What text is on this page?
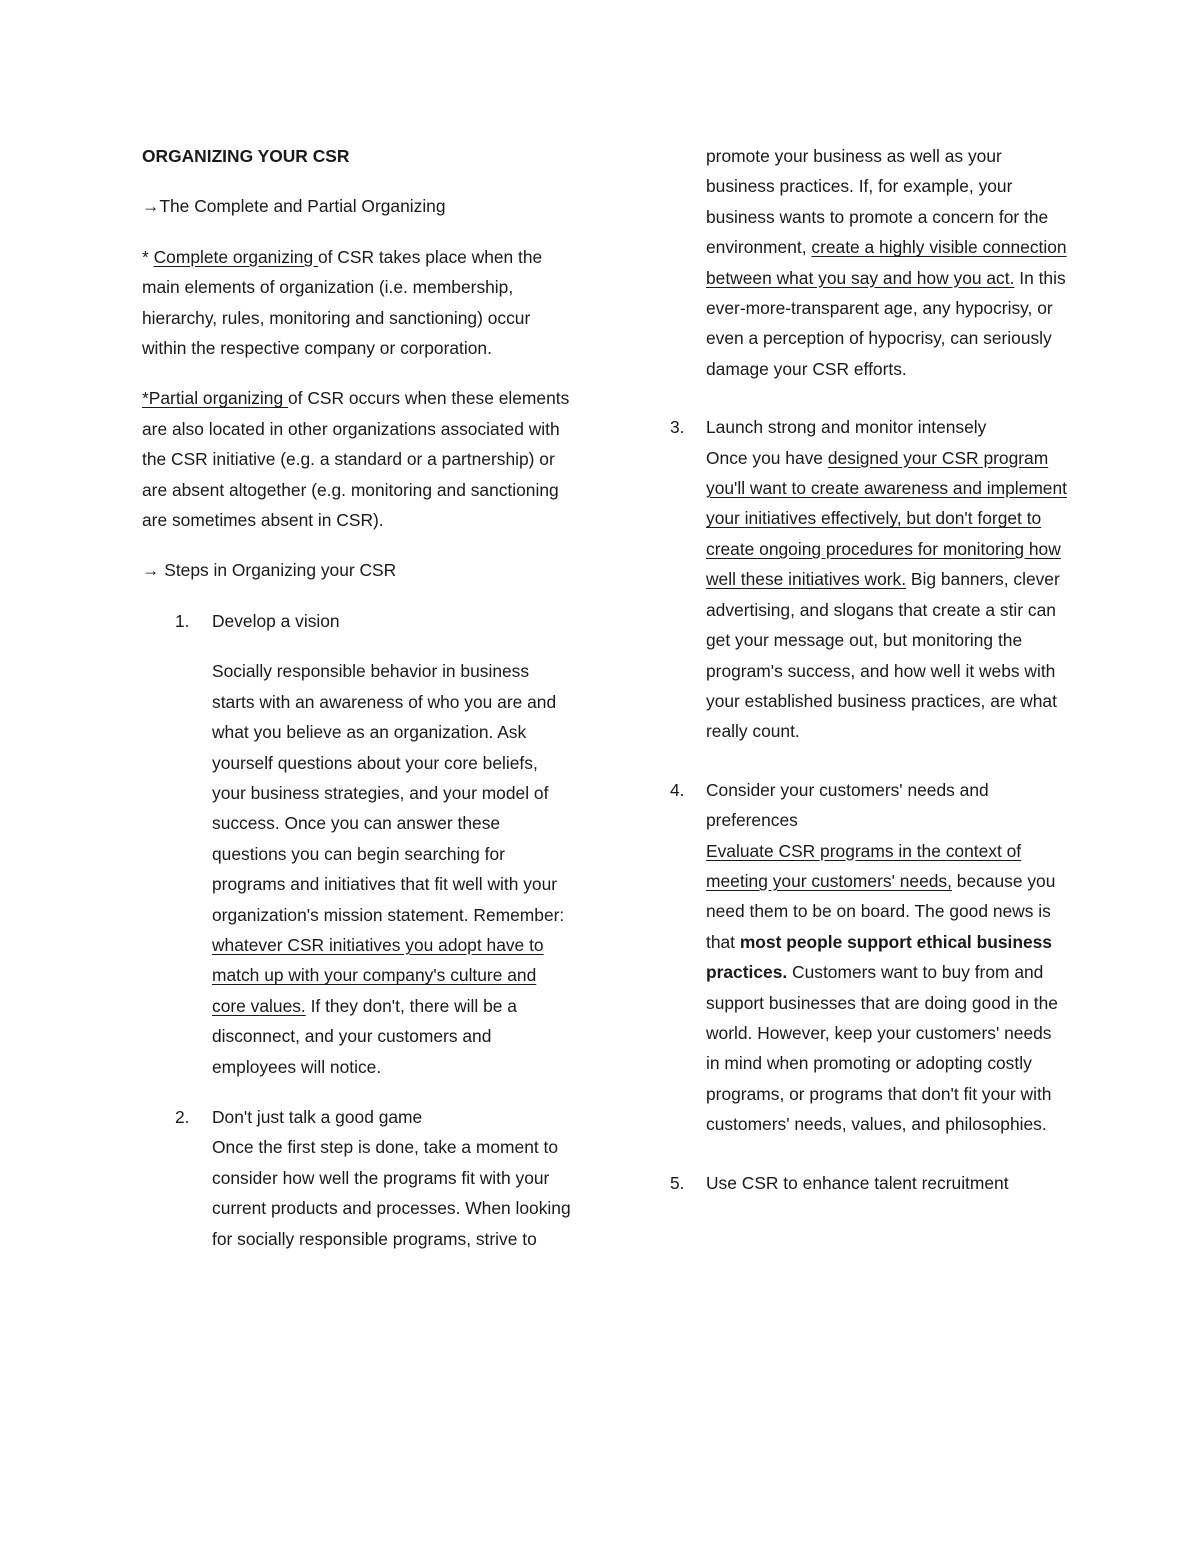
ORGANIZING YOUR CSR

→The Complete and Partial Organizing

* Complete organizing of CSR takes place when the main elements of organization (i.e. membership, hierarchy, rules, monitoring and sanctioning) occur within the respective company or corporation.

*Partial organizing of CSR occurs when these elements are also located in other organizations associated with the CSR initiative (e.g. a standard or a partnership) or are absent altogether (e.g. monitoring and sanctioning are sometimes absent in CSR).

→ Steps in Organizing your CSR

1. Develop a vision

Socially responsible behavior in business starts with an awareness of who you are and what you believe as an organization. Ask yourself questions about your core beliefs, your business strategies, and your model of success. Once you can answer these questions you can begin searching for programs and initiatives that fit well with your organization's mission statement. Remember: whatever CSR initiatives you adopt have to match up with your company's culture and core values. If they don't, there will be a disconnect, and your customers and employees will notice.

2. Don't just talk a good game

Once the first step is done, take a moment to consider how well the programs fit with your current products and processes. When looking for socially responsible programs, strive to

promote your business as well as your business practices. If, for example, your business wants to promote a concern for the environment, create a highly visible connection between what you say and how you act. In this ever-more-transparent age, any hypocrisy, or even a perception of hypocrisy, can seriously damage your CSR efforts.

3. Launch strong and monitor intensely

Once you have designed your CSR program you'll want to create awareness and implement your initiatives effectively, but don't forget to create ongoing procedures for monitoring how well these initiatives work. Big banners, clever advertising, and slogans that create a stir can get your message out, but monitoring the program's success, and how well it webs with your established business practices, are what really count.

4. Consider your customers' needs and preferences

Evaluate CSR programs in the context of meeting your customers' needs, because you need them to be on board. The good news is that most people support ethical business practices. Customers want to buy from and support businesses that are doing good in the world. However, keep your customers' needs in mind when promoting or adopting costly programs, or programs that don't fit your with customers' needs, values, and philosophies.

5. Use CSR to enhance talent recruitment
